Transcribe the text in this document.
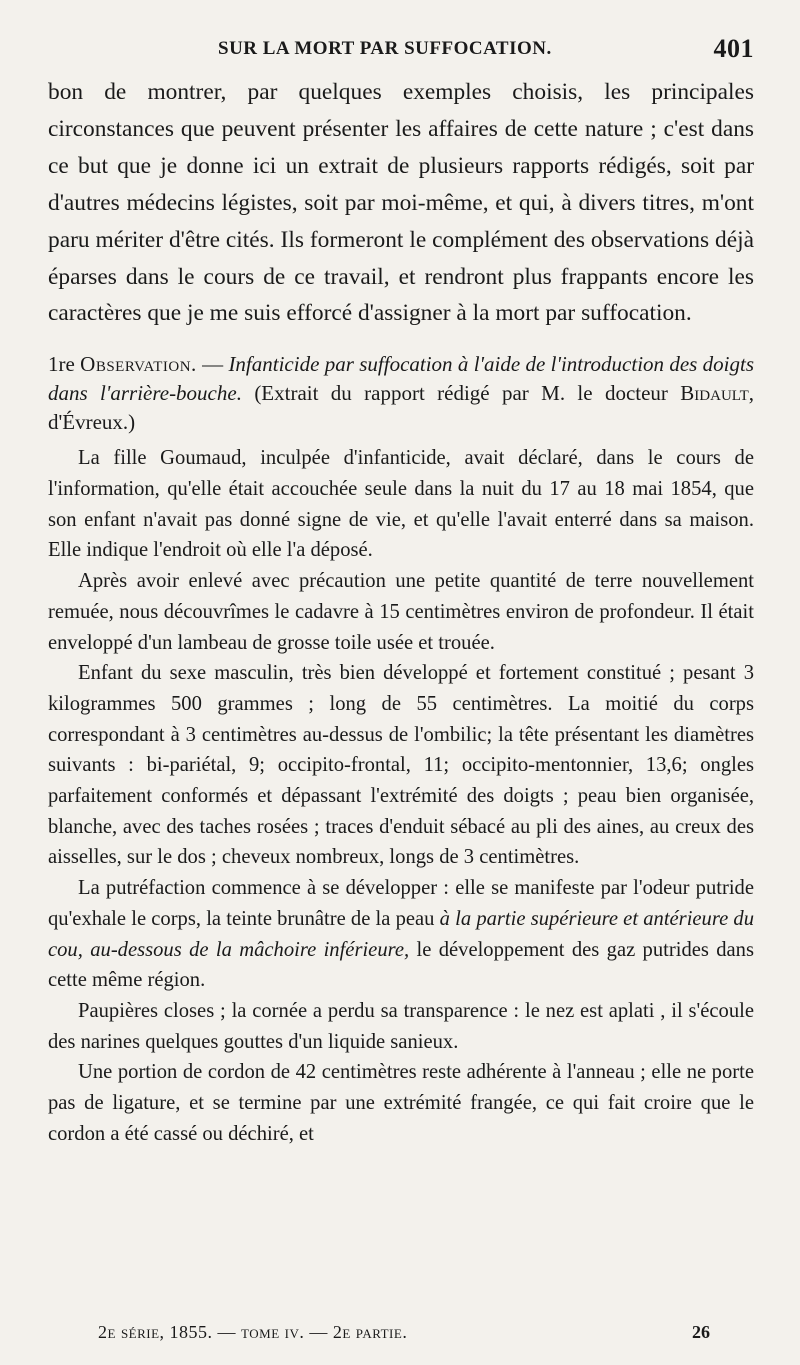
SUR LA MORT PAR SUFFOCATION.	401

bon de montrer, par quelques exemples choisis, les principales circonstances que peuvent présenter les affaires de cette nature ; c'est dans ce but que je donne ici un extrait de plusieurs rapports rédigés, soit par d'autres médecins légistes, soit par moi-même, et qui, à divers titres, m'ont paru mériter d'être cités. Ils formeront le complément des observations déjà éparses dans le cours de ce travail, et rendront plus frappants encore les caractères que je me suis efforcé d'assigner à la mort par suffocation.

1re Observation. — Infanticide par suffocation à l'aide de l'introduction des doigts dans l'arrière-bouche. (Extrait du rapport rédigé par M. le docteur Bidault, d'Évreux.)

La fille Goumaud, inculpée d'infanticide, avait déclaré, dans le cours de l'information, qu'elle était accouchée seule dans la nuit du 17 au 18 mai 1854, que son enfant n'avait pas donné signe de vie, et qu'elle l'avait enterré dans sa maison. Elle indique l'endroit où elle l'a déposé.

Après avoir enlevé avec précaution une petite quantité de terre nouvellement remuée, nous découvrîmes le cadavre à 15 centimètres environ de profondeur. Il était enveloppé d'un lambeau de grosse toile usée et trouée.

Enfant du sexe masculin, très bien développé et fortement constitué ; pesant 3 kilogrammes 500 grammes ; long de 55 centimètres. La moitié du corps correspondant à 3 centimètres au-dessus de l'ombilic; la tête présentant les diamètres suivants : bi-pariétal, 9; occipito-frontal, 11; occipito-mentonnier, 13,6; ongles parfaitement conformés et dépassant l'extrémité des doigts ; peau bien organisée, blanche, avec des taches rosées ; traces d'enduit sébacé au pli des aines, au creux des aisselles, sur le dos ; cheveux nombreux, longs de 3 centimètres.

La putréfaction commence à se développer : elle se manifeste par l'odeur putride qu'exhale le corps, la teinte brunâtre de la peau à la partie supérieure et antérieure du cou, au-dessous de la mâchoire inférieure, le développement des gaz putrides dans cette même région.

Paupières closes ; la cornée a perdu sa transparence : le nez est aplati , il s'écoule des narines quelques gouttes d'un liquide sanieux.

Une portion de cordon de 42 centimètres reste adhérente à l'anneau ; elle ne porte pas de ligature, et se termine par une extrémité frangée, ce qui fait croire que le cordon a été cassé ou déchiré, et

2e série, 1855. — tome iv. — 2e partie.	26
